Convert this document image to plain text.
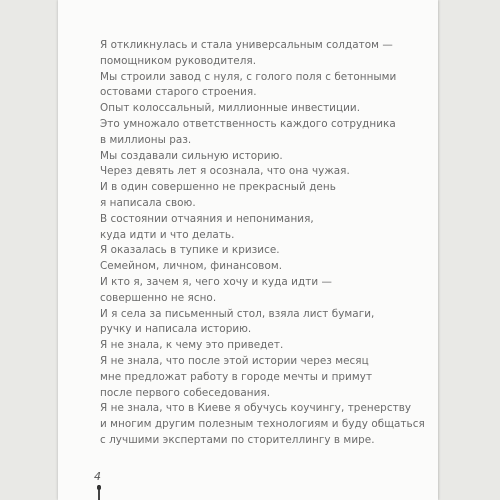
Я откликнулась и стала универсальным солдатом —
помощником руководителя.
Мы строили завод с нуля, с голого поля с бетонными
остовами старого строения.
Опыт колоссальный, миллионные инвестиции.
Это умножало ответственность каждого сотрудника
в миллионы раз.
Мы создавали сильную историю.
Через девять лет я осознала, что она чужая.
И в один совершенно не прекрасный день
я написала свою.
В состоянии отчаяния и непонимания,
куда идти и что делать.
Я оказалась в тупике и кризисе.
Семейном, личном, финансовом.
И кто я, зачем я, чего хочу и куда идти —
совершенно не ясно.
И я села за письменный стол, взяла лист бумаги,
ручку и написала историю.
Я не знала, к чему это приведет.
Я не знала, что после этой истории через месяц
мне предложат работу в городе мечты и примут
после первого собеседования.
Я не знала, что в Киеве я обучусь коучингу, тренерству
и многим другим полезным технологиям и буду общаться
с лучшими экспертами по сторителлингу в мире.
4
